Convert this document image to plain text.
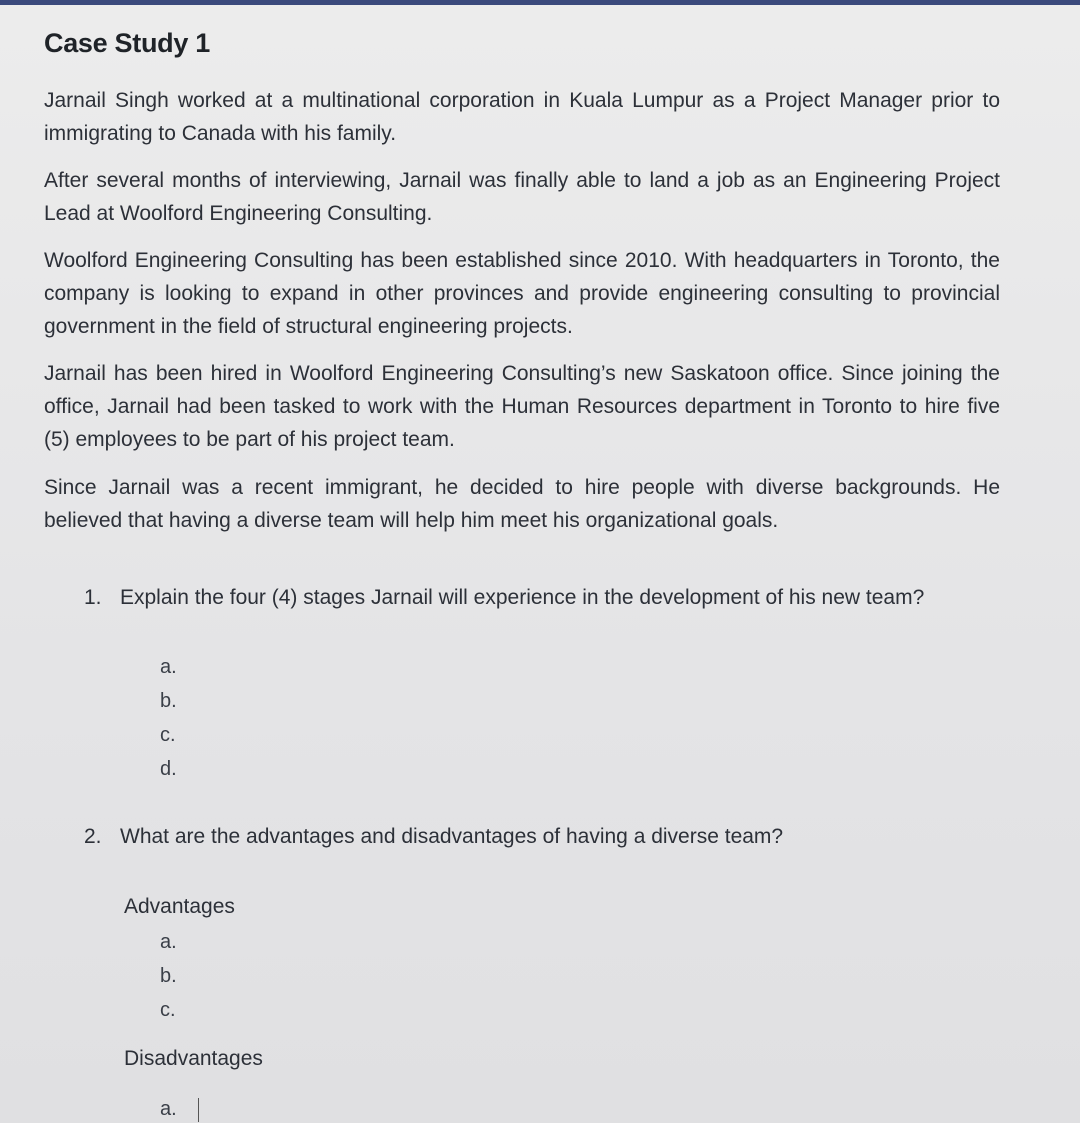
Case Study 1
Jarnail Singh worked at a multinational corporation in Kuala Lumpur as a Project Manager prior to immigrating to Canada with his family.
After several months of interviewing, Jarnail was finally able to land a job as an Engineering Project Lead at Woolford Engineering Consulting.
Woolford Engineering Consulting has been established since 2010. With headquarters in Toronto, the company is looking to expand in other provinces and provide engineering consulting to provincial government in the field of structural engineering projects.
Jarnail has been hired in Woolford Engineering Consulting’s new Saskatoon office. Since joining the office, Jarnail had been tasked to work with the Human Resources department in Toronto to hire five (5) employees to be part of his project team.
Since Jarnail was a recent immigrant, he decided to hire people with diverse backgrounds. He believed that having a diverse team will help him meet his organizational goals.
1. Explain the four (4) stages Jarnail will experience in the development of his new team?
a.
b.
c.
d.
2. What are the advantages and disadvantages of having a diverse team?
Advantages
a.
b.
c.
Disadvantages
a.
